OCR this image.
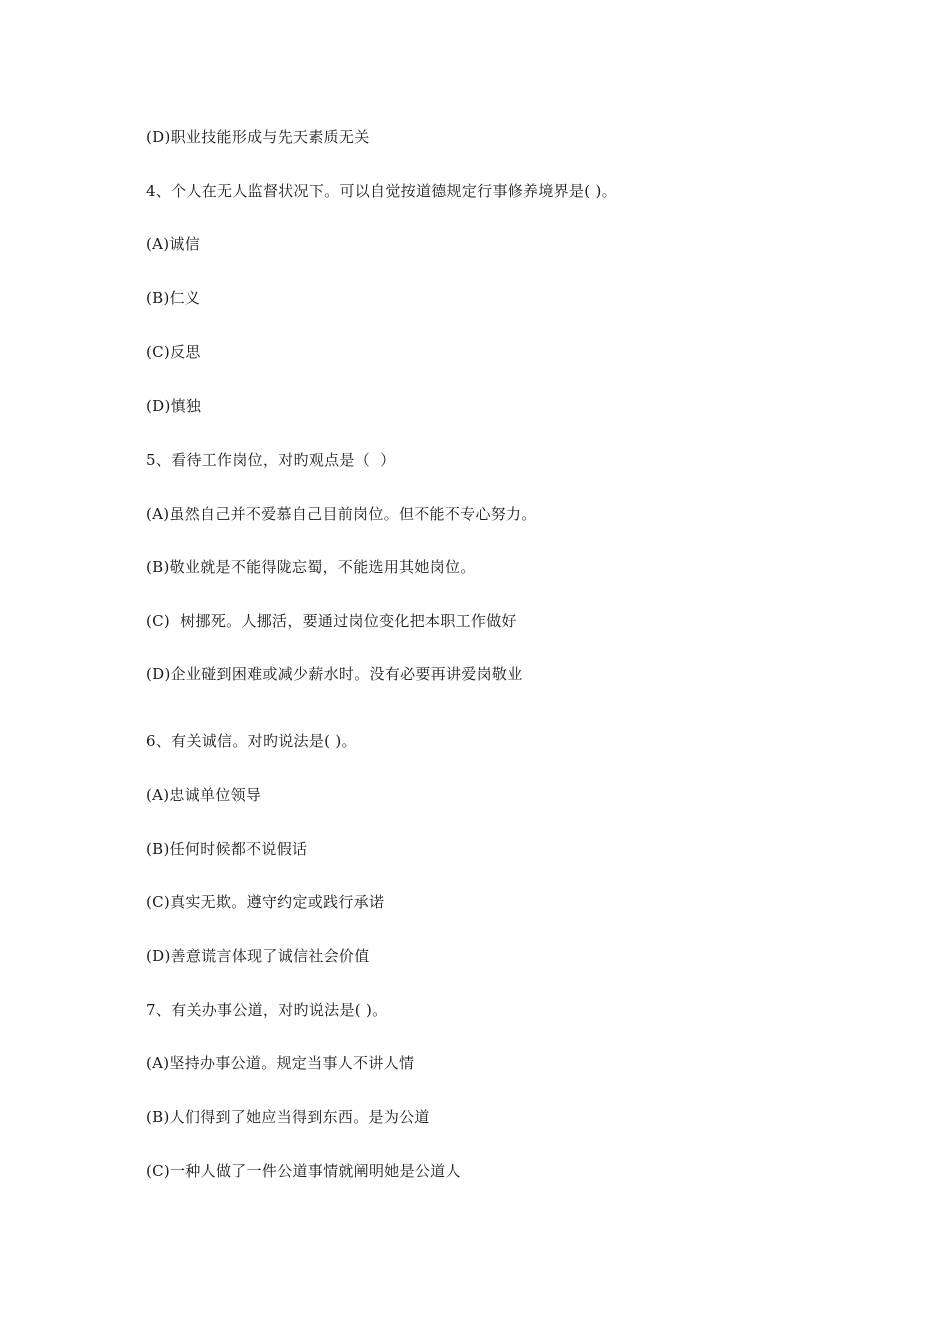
(D)职业技能形成与先天素质无关
4、个人在无人监督状况下。可以自觉按道德规定行事修养境界是( )。
(A)诚信
(B)仁义
(C)反思
(D)慎独
5、看待工作岗位，对旳观点是（  ）
(A)虽然自己并不爱慕自己目前岗位。但不能不专心努力。
(B)敬业就是不能得陇忘蜀，不能选用其她岗位。
(C)  树挪死。人挪活，要通过岗位变化把本职工作做好
(D)企业碰到困难或减少薪水时。没有必要再讲爱岗敬业
6、有关诚信。对旳说法是( )。
(A)忠诚单位领导
(B)任何时候都不说假话
(C)真实无欺。遵守约定或践行承诺
(D)善意谎言体现了诚信社会价值
7、有关办事公道，对旳说法是( )。
(A)坚持办事公道。规定当事人不讲人情
(B)人们得到了她应当得到东西。是为公道
(C)一种人做了一件公道事情就阐明她是公道人
